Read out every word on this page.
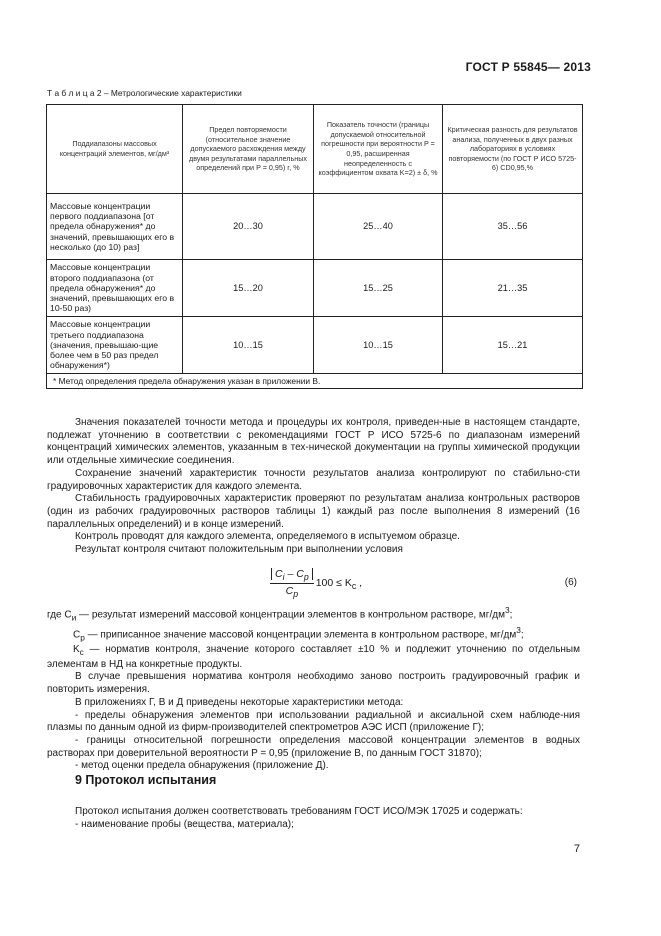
ГОСТ Р 55845— 2013
Т а б л и ц а 2 – Метрологические характеристики
Поддиапазоны массовых концентраций элементов, мг/дм³	Предел повторяемости (относительное значение допускаемого расхождения между двумя результатами параллельных определений при P = 0,95) r, %	Показатель точности (границы допускаемой относительной погрешности при вероятности P = 0,95, расширенная неопределенность с коэффициентом охвата K=2) ± δ, %	Критическая разность для результатов анализа, полученных в двух разных лабораториях в условиях повторяемости (по ГОСТ Р ИСО 5725-6) CD0,95,%
Массовые концентрации первого поддиапазона [от предела обнаружения* до значений, превышающих его в несколько (до 10) раз]	20…30	25…40	35…56
Массовые концентрации второго поддиапазона (от предела обнаружения* до значений, превышающих его в 10-50 раз)	15…20	15…25	21…35
Массовые концентрации третьего поддиапазона (значения, превышаю-щие более чем в 50 раз предел обнаружения*)	10…15	10…15	15…21
* Метод определения предела обнаружения указан в приложении В.			

Значения показателей точности метода и процедуры их контроля, приведен-ные в настоящем стандарте, подлежат уточнению в соответствии с рекомендациями ГОСТ Р ИСО 5725-6 по диапазонам измерений концентраций химических элементов, указанным в тех-нической документации на группы химической продукции или отдельные химические соединения.

Сохранение значений характеристик точности результатов анализа контролируют по стабильно-сти градуировочных характеристик для каждого элемента.

Стабильность градуировочных характеристик проверяют по результатам анализа контрольных растворов (один из рабочих градуировочных растворов таблицы 1) каждый раз после выполнения 8 измерений (16 параллельных определений) и в конце измерений.

Контроль проводят для каждого элемента, определяемого в испытуемом образце.

Результат контроля считают положительным при выполнении условия

$\frac{C_i - C_p}{C_p} 100 \le K_c$ ,	(6)

где $C_и$ — результат измерений массовой концентрации элементов в контрольном растворе, $мг/дм^3$;

$C_p$ — приписанное значение массовой концентрации элемента в контрольном растворе, $мг/дм^3$;

$K_c$ — норматив контроля, значение которого составляет ±10 % и подлежит уточнению по отдельным элементам в НД на конкретные продукты.

В случае превышения норматива контроля необходимо заново построить градуировочный график и повторить измерения.

В приложениях Г, В и Д приведены некоторые характеристики метода:

- пределы обнаружения элементов при использовании радиальной и аксиальной схем наблюде-ния плазмы по данным одной из фирм-производителей спектрометров АЭС ИСП (приложение Г);

- границы относительной погрешности определения массовой концентрации элементов в водных растворах при доверительной вероятности P = 0,95 (приложение В, по данным ГОСТ 31870);

- метод оценки предела обнаружения (приложение Д).

9 Протокол испытания

Протокол испытания должен соответствовать требованиям ГОСТ ИСО/МЭК 17025 и содержать:

- наименование пробы (вещества, материала);

7
